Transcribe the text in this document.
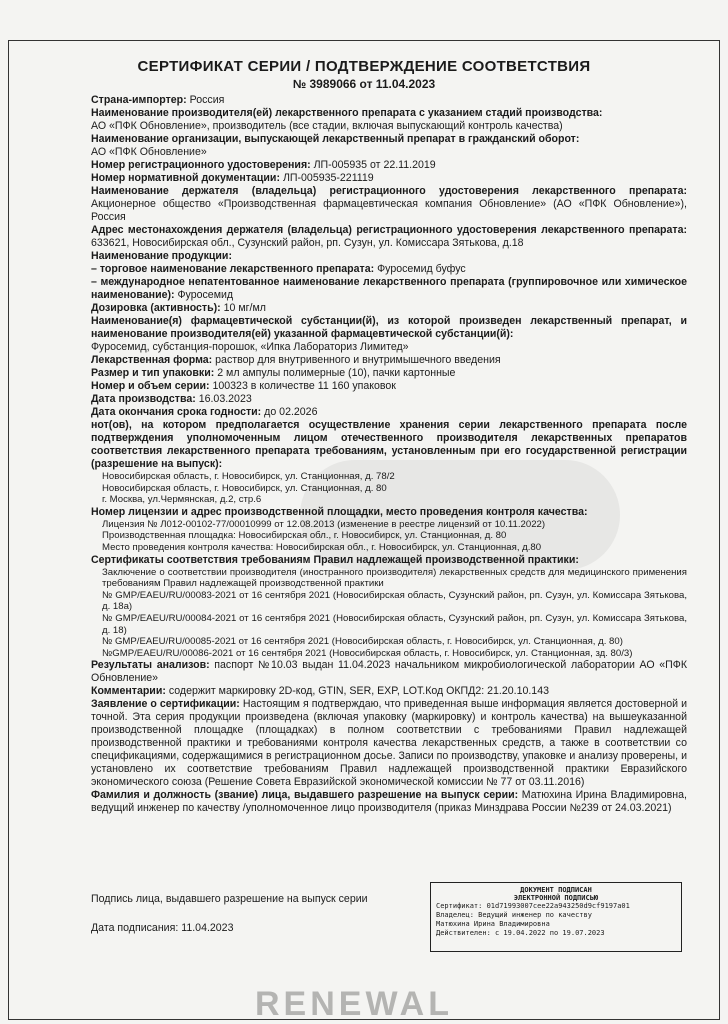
СЕРТИФИКАТ СЕРИИ / ПОДТВЕРЖДЕНИЕ СООТВЕТСТВИЯ
№ 3989066 от 11.04.2023

Страна-импортер: Россия

Наименование производителя(ей) лекарственного препарата с указанием стадий производства:

АО «ПФК Обновление», производитель (все стадии, включая выпускающий контроль качества)

Наименование организации, выпускающей лекарственный препарат в гражданский оборот:

АО «ПФК Обновление»

Номер регистрационного удостоверения: ЛП-005935 от 22.11.2019

Номер нормативной документации: ЛП-005935-221119

Наименование держателя (владельца) регистрационного удостоверения лекарственного препарата: Акционерное общество «Производственная фармацевтическая компания Обновление» (АО «ПФК Обновление»), Россия

Адрес местонахождения держателя (владельца) регистрационного удостоверения лекарственного препарата: 633621, Новосибирская обл., Сузунский район, рп. Сузун, ул. Комиссара Зятькова, д.18

Наименование продукции:

– торговое наименование лекарственного препарата: Фуросемид буфус

– международное непатентованное наименование лекарственного препарата (группировочное или химическое наименование): Фуросемид

Дозировка (активность): 10 мг/мл

Наименование(я) фармацевтической субстанции(й), из которой произведен лекарственный препарат, и наименование производителя(ей) указанной фармацевтической субстанции(й):

Фуросемид, субстанция-порошок, «Ипка Лабораториз Лимитед»

Лекарственная форма: раствор для внутривенного и внутримышечного введения

Размер и тип упаковки: 2 мл ампулы полимерные (10), пачки картонные

Номер и объем серии: 100323 в количестве 11 160 упаковок

Дата производства: 16.03.2023

Дата окончания срока годности: до 02.2026

нот(ов), на котором предполагается осуществление хранения серии лекарственного препарата после подтверждения уполномоченным лицом отечественного производителя лекарственных препаратов соответствия лекарственного препарата требованиям, установленным при его государственной регистрации (разрешение на выпуск):

Новосибирская область, г. Новосибирск, ул. Станционная, д. 78/2

Новосибирская область, г. Новосибирск, ул. Станционная, д. 80

г. Москва, ул.Чермянская, д.2, стр.6

Номер лицензии и адрес производственной площадки, место проведения контроля качества:

Лицензия № Л012-00102-77/00010999 от 12.08.2013 (изменение в реестре лицензий от 10.11.2022)

Производственная площадка: Новосибирская обл., г. Новосибирск, ул. Станционная, д. 80

Место проведения контроля качества: Новосибирская обл., г. Новосибирск, ул. Станционная, д.80

Сертификаты соответствия требованиям Правил надлежащей производственной практики:

Заключение о соответствии производителя (иностранного производителя) лекарственных средств для медицинского применения требованиям Правил надлежащей производственной практики

№ GMP/EAEU/RU/00083-2021 от 16 сентября 2021 (Новосибирская область, Сузунский район, рп. Сузун, ул. Комиссара Зятькова, д. 18а)

№ GMP/EAEU/RU/00084-2021 от 16 сентября 2021 (Новосибирская область, Сузунский район, рп. Сузун, ул. Комиссара Зятькова, д. 18)

№ GMP/EAEU/RU/00085-2021 от 16 сентября 2021 (Новосибирская область, г. Новосибирск, ул. Станционная, д. 80)

№GMP/EAEU/RU/00086-2021 от 16 сентября 2021 (Новосибирская область, г. Новосибирск, ул. Станционная, зд. 80/3)

Результаты анализов: паспорт №10.03 выдан 11.04.2023 начальником микробиологической лаборатории АО «ПФК Обновление»

Комментарии: содержит маркировку 2D-код, GTIN, SER, EXP, LOT.Код ОКПД2: 21.20.10.143

Заявление о сертификации: Настоящим я подтверждаю, что приведенная выше информация является достоверной и точной. Эта серия продукции произведена (включая упаковку (маркировку) и контроль качества) на вышеуказанной производственной площадке (площадках) в полном соответствии с требованиями Правил надлежащей производственной практики и требованиями контроля качества лекарственных средств, а также в соответствии со спецификациями, содержащимися в регистрационном досье. Записи по производству, упаковке и анализу проверены, и установлено их соответствие требованиям Правил надлежащей производственной практики Евразийского экономического союза (Решение Совета Евразийской экономической комиссии № 77 от 03.11.2016)

Фамилия и должность (звание) лица, выдавшего разрешение на выпуск серии: Матюхина Ирина Владимировна, ведущий инженер по качеству /уполномоченное лицо производителя (приказ Минздрава России №239 от 24.03.2021)

Подпись лица, выдавшего разрешение на выпуск серии
Дата подписания: 11.04.2023
ДОКУМЕНТ ПОДПИСАН
ЭЛЕКТРОННОЙ ПОДПИСЬЮ
Сертификат: 01d71993007cee22a943250d9cf9197a01
Владелец: Ведущий инженер по качеству
Матюхина Ирина Владимировна
Действителен: с 19.04.2022 по 19.07.2023
RENEWAL
